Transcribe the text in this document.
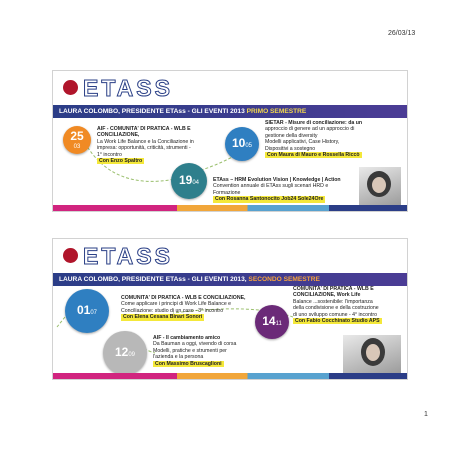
26/03/13
ETASS
LAURA COLOMBO, PRESIDENTE ETAss - GLI EVENTI 2013 PRIMO SEMESTRE
25
03
AIF - COMUNITA' DI PRATICA - WLB E
CONCILIAZIONE,
La Work Life Balance e la Conciliazione in
impresa: opportunità, criticità, strumenti -
1° incontro
Con Enzo Spaltro
1005
SIETAR - Misure di conciliazione: da un
approccio di genere ad un approccio di
gestione della diversity
Modelli applicativi, Case History,
Dispositivi a sostegno
Con Maura di Mauro e Rossella Riccò
1904	ETAss – HRM Evolution Vision | Knowledge | Action
Convention annuale di ETAss sugli scenari HRD e
Formazione
Con Rosanna Santonocito Job24 Sole24Ore
ETASS
LAURA COLOMBO, PRESIDENTE ETAss - GLI EVENTI 2013, SECONDO SEMESTRE
0107
COMUNITA' DI PRATICA - WLB E CONCILIAZIONE,
Come applicare i principi di Work Life Balance e
Conciliazione: studio di un caso - 3° incontro
Con Elena Cesana Binari Sonori	1411
COMUNITA' DI PRATICA - WLB E
CONCILIAZIONE, Work Life
Balance ...sostenibile: l'importanza
della condivisione e della costruzione
di uno sviluppo comune - 4° incontro
Con Fabio Cocchinato Studio APS
1209
AIF - Il cambiamento amico
Da Bauman a oggi, vivendo di corsa
Modelli, pratiche e strumenti per
l'azienda e la persona
Con Massimo Bruscaglioni
1
